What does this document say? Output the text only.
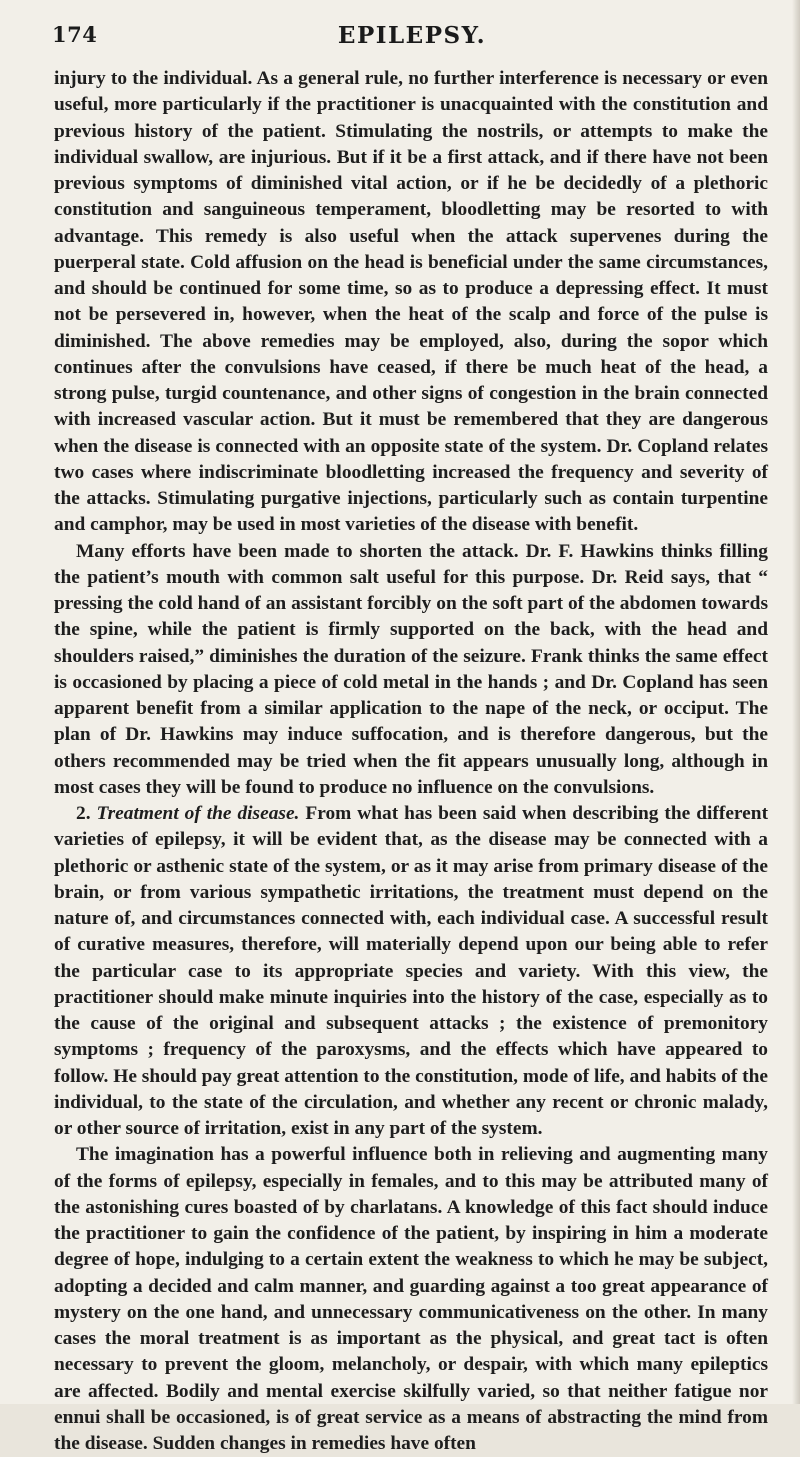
174	EPILEPSY.

injury to the individual. As a general rule, no further interference is necessary or even useful, more particularly if the practitioner is unacquainted with the constitution and previous history of the patient. Stimulating the nostrils, or attempts to make the individual swallow, are injurious. But if it be a first attack, and if there have not been previous symptoms of diminished vital action, or if he be decidedly of a plethoric constitution and sanguineous temperament, bloodletting may be resorted to with advantage. This remedy is also useful when the attack supervenes during the puerperal state. Cold affusion on the head is beneficial under the same circumstances, and should be continued for some time, so as to produce a depressing effect. It must not be persevered in, however, when the heat of the scalp and force of the pulse is diminished. The above remedies may be employed, also, during the sopor which continues after the convulsions have ceased, if there be much heat of the head, a strong pulse, turgid countenance, and other signs of congestion in the brain connected with increased vascular action. But it must be remembered that they are dangerous when the disease is connected with an opposite state of the system. Dr. Copland relates two cases where indiscriminate bloodletting increased the frequency and severity of the attacks. Stimulating purgative injections, particularly such as contain turpentine and camphor, may be used in most varieties of the disease with benefit.

Many efforts have been made to shorten the attack. Dr. F. Hawkins thinks filling the patient’s mouth with common salt useful for this purpose. Dr. Reid says, that “ pressing the cold hand of an assistant forcibly on the soft part of the abdomen towards the spine, while the patient is firmly supported on the back, with the head and shoulders raised,” diminishes the duration of the seizure. Frank thinks the same effect is occasioned by placing a piece of cold metal in the hands ; and Dr. Copland has seen apparent benefit from a similar application to the nape of the neck, or occiput. The plan of Dr. Hawkins may induce suffocation, and is therefore dangerous, but the others recommended may be tried when the fit appears unusually long, although in most cases they will be found to produce no influence on the convulsions.

2. Treatment of the disease. From what has been said when describing the different varieties of epilepsy, it will be evident that, as the disease may be connected with a plethoric or asthenic state of the system, or as it may arise from primary disease of the brain, or from various sympathetic irritations, the treatment must depend on the nature of, and circumstances connected with, each individual case. A successful result of curative measures, therefore, will materially depend upon our being able to refer the particular case to its appropriate species and variety. With this view, the practitioner should make minute inquiries into the history of the case, especially as to the cause of the original and subsequent attacks ; the existence of premonitory symptoms ; frequency of the paroxysms, and the effects which have appeared to follow. He should pay great attention to the constitution, mode of life, and habits of the individual, to the state of the circulation, and whether any recent or chronic malady, or other source of irritation, exist in any part of the system.

The imagination has a powerful influence both in relieving and augmenting many of the forms of epilepsy, especially in females, and to this may be attributed many of the astonishing cures boasted of by charlatans. A knowledge of this fact should induce the practitioner to gain the confidence of the patient, by inspiring in him a moderate degree of hope, indulging to a certain extent the weakness to which he may be subject, adopting a decided and calm manner, and guarding against a too great appearance of mystery on the one hand, and unnecessary communicativeness on the other. In many cases the moral treatment is as important as the physical, and great tact is often necessary to prevent the gloom, melancholy, or despair, with which many epileptics are affected. Bodily and mental exercise skilfully varied, so that neither fatigue nor ennui shall be occasioned, is of great service as a means of abstracting the mind from the disease. Sudden changes in remedies have often
